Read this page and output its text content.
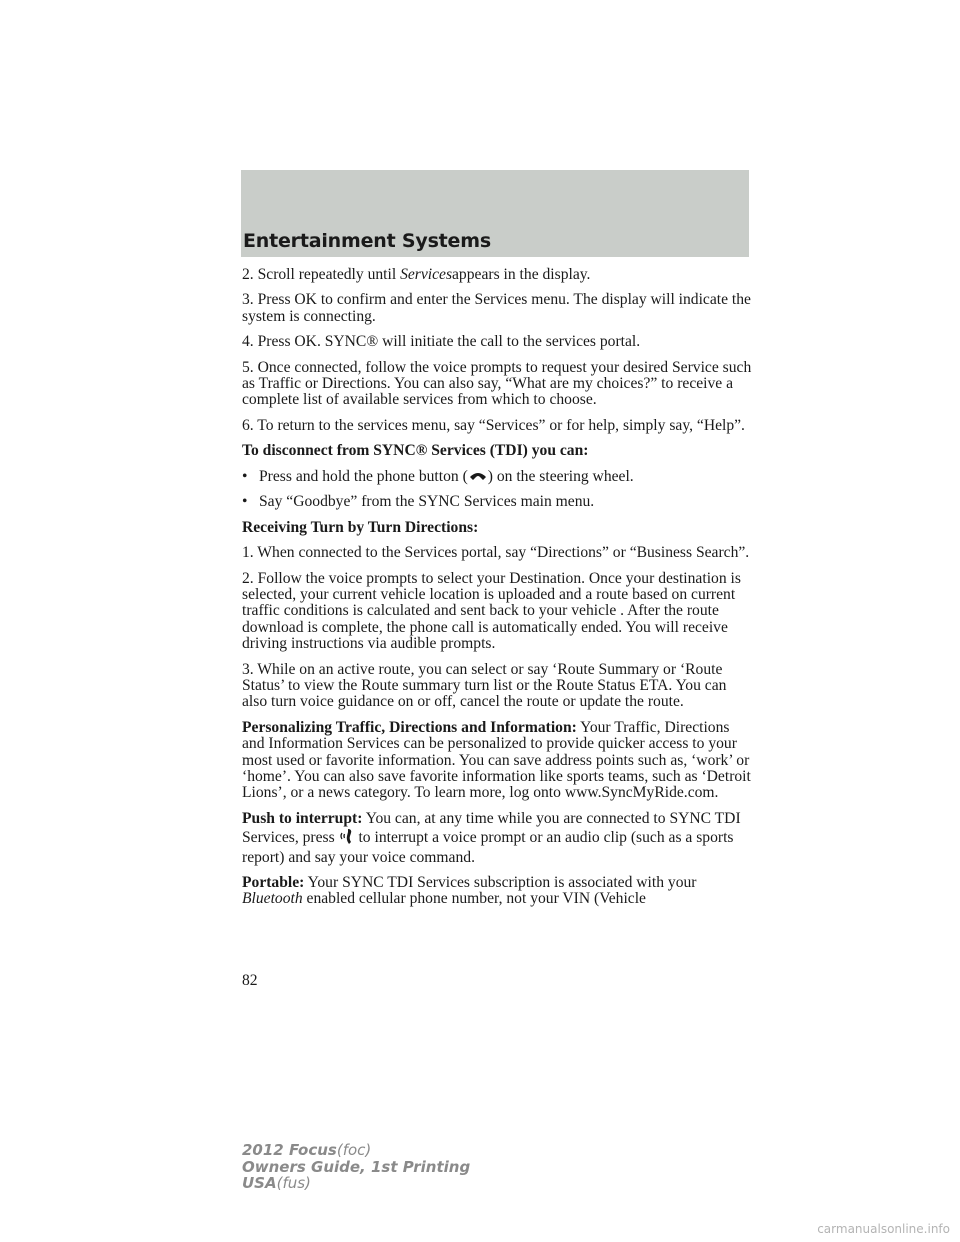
Entertainment Systems

2. Scroll repeatedly until Servicesappears in the display.

3. Press OK to confirm and enter the Services menu. The display will indicate the system is connecting.

4. Press OK. SYNC® will initiate the call to the services portal.

5. Once connected, follow the voice prompts to request your desired Service such as Traffic or Directions. You can also say, “What are my choices?” to receive a complete list of available services from which to choose.

6. To return to the services menu, say “Services” or for help, simply say, “Help”.

To disconnect from SYNC® Services (TDI) you can:

• Press and hold the phone button ( ) on the steering wheel.
• Say “Goodbye” from the SYNC Services main menu.

Receiving Turn by Turn Directions:

1. When connected to the Services portal, say “Directions” or “Business Search”.

2. Follow the voice prompts to select your Destination. Once your destination is selected, your current vehicle location is uploaded and a route based on current traffic conditions is calculated and sent back to your vehicle . After the route download is complete, the phone call is automatically ended. You will receive driving instructions via audible prompts.

3. While on an active route, you can select or say ‘Route Summary or ‘Route Status’ to view the Route summary turn list or the Route Status ETA. You can also turn voice guidance on or off, cancel the route or update the route.

Personalizing Traffic, Directions and Information: Your Traffic, Directions and Information Services can be personalized to provide quicker access to your most used or favorite information. You can save address points such as, ‘work’ or ‘home’. You can also save favorite information like sports teams, such as ‘Detroit Lions’, or a news category. To learn more, log onto www.SyncMyRide.com.

Push to interrupt: You can, at any time while you are connected to SYNC TDI Services, press  to interrupt a voice prompt or an audio clip (such as a sports report) and say your voice command.

Portable: Your SYNC TDI Services subscription is associated with your Bluetooth enabled cellular phone number, not your VIN (Vehicle

82
2012 Focus(foc)
Owners Guide, 1st Printing
USA(fus)
carmanualsonline.info
